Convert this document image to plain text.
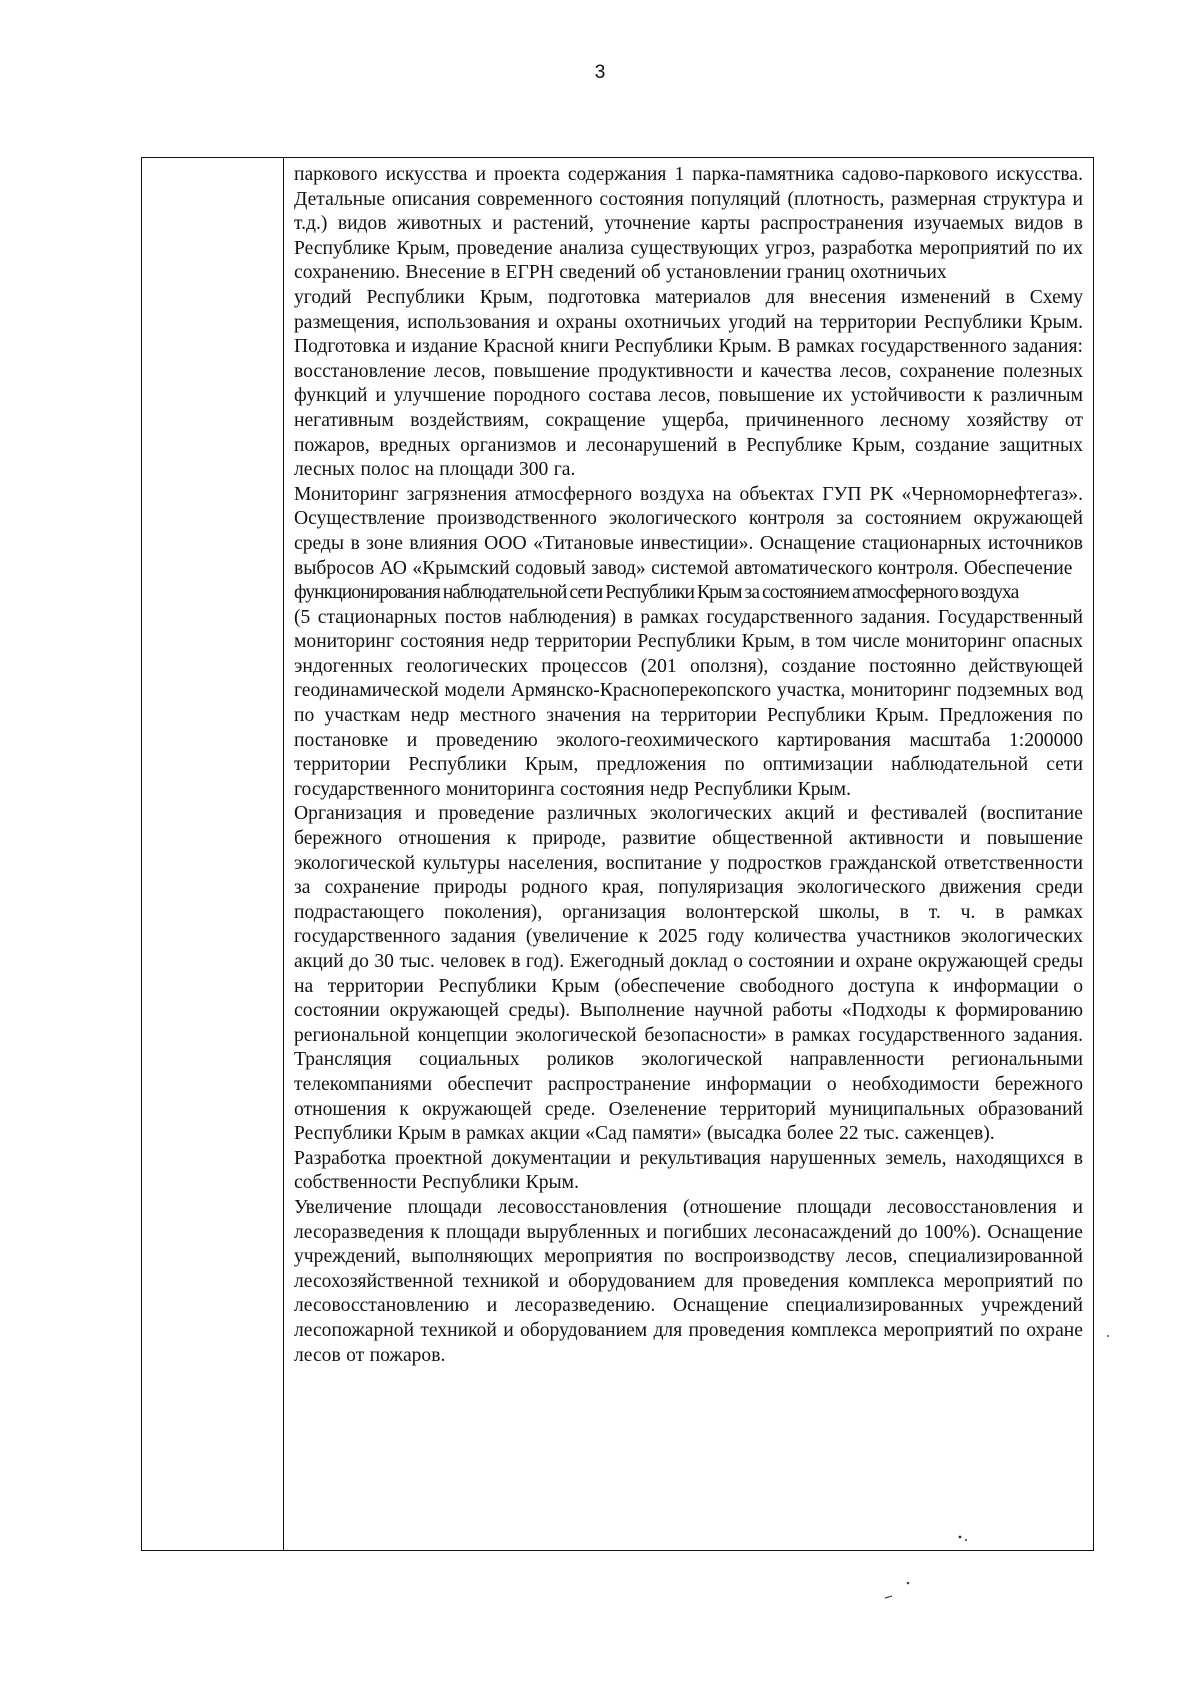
3

паркового искусства и проекта содержания 1 парка-памятника садово-паркового искусства. Детальные описания современного состояния популяций (плотность, размерная структура и т.д.) видов животных и растений, уточнение карты распространения изучаемых видов в Республике Крым, проведение анализа существующих угроз, разработка мероприятий по их сохранению. Внесение в ЕГРН сведений об установлении границ охотничьих

угодий Республики Крым, подготовка материалов для внесения изменений в Схему размещения, использования и охраны охотничьих угодий на территории Республики Крым. Подготовка и издание Красной книги Республики Крым. В рамках государственного задания: восстановление лесов, повышение продуктивности и качества лесов, сохранение полезных функций и улучшение породного состава лесов, повышение их устойчивости к различным негативным воздействиям, сокращение ущерба, причиненного лесному хозяйству от пожаров, вредных организмов и лесонарушений в Республике Крым, создание защитных лесных полос на площади 300 га.

Мониторинг загрязнения атмосферного воздуха на объектах ГУП РК «Черноморнефтегаз». Осуществление производственного экологического контроля за состоянием окружающей среды в зоне влияния ООО «Титановые инвестиции». Оснащение стационарных источников выбросов АО «Крымский содовый завод» системой автоматического контроля. Обеспечение

функционирования наблюдательной сети Республики Крым за состоянием атмосферного воздуха

(5 стационарных постов наблюдения) в рамках государственного задания. Государственный мониторинг состояния недр территории Республики Крым, в том числе мониторинг опасных эндогенных геологических процессов (201 оползня), создание постоянно действующей геодинамической модели Армянско-Красноперекопского участка, мониторинг подземных вод по участкам недр местного значения на территории Республики Крым. Предложения по постановке и проведению эколого-геохимического картирования масштаба 1:200000 территории Республики Крым, предложения по оптимизации наблюдательной сети государственного мониторинга состояния недр Республики Крым.

Организация и проведение различных экологических акций и фестивалей (воспитание бережного отношения к природе, развитие общественной активности и повышение экологической культуры населения, воспитание у подростков гражданской ответственности за сохранение природы родного края, популяризация экологического движения среди подрастающего поколения), организация волонтерской школы, в т. ч. в рамках государственного задания (увеличение к 2025 году количества участников экологических акций до 30 тыс. человек в год). Ежегодный доклад о состоянии и охране окружающей среды на территории Республики Крым (обеспечение свободного доступа к информации о состоянии окружающей среды). Выполнение научной работы «Подходы к формированию региональной концепции экологической безопасности» в рамках государственного задания. Трансляция социальных роликов экологической направленности региональными телекомпаниями обеспечит распространение информации о необходимости бережного отношения к окружающей среде. Озеленение территорий муниципальных образований Республики Крым в рамках акции «Сад памяти» (высадка более 22 тыс. саженцев).

Разработка проектной документации и рекультивация нарушенных земель, находящихся в собственности Республики Крым.

Увеличение площади лесовосстановления (отношение площади лесовосстановления и лесоразведения к площади вырубленных и погибших лесонасаждений до 100%). Оснащение учреждений, выполняющих мероприятия по воспроизводству лесов, специализированной лесохозяйственной техникой и оборудованием для проведения комплекса мероприятий по лесовосстановлению и лесоразведению. Оснащение специализированных учреждений лесопожарной техникой и оборудованием для проведения комплекса мероприятий по охране лесов от пожаров.
